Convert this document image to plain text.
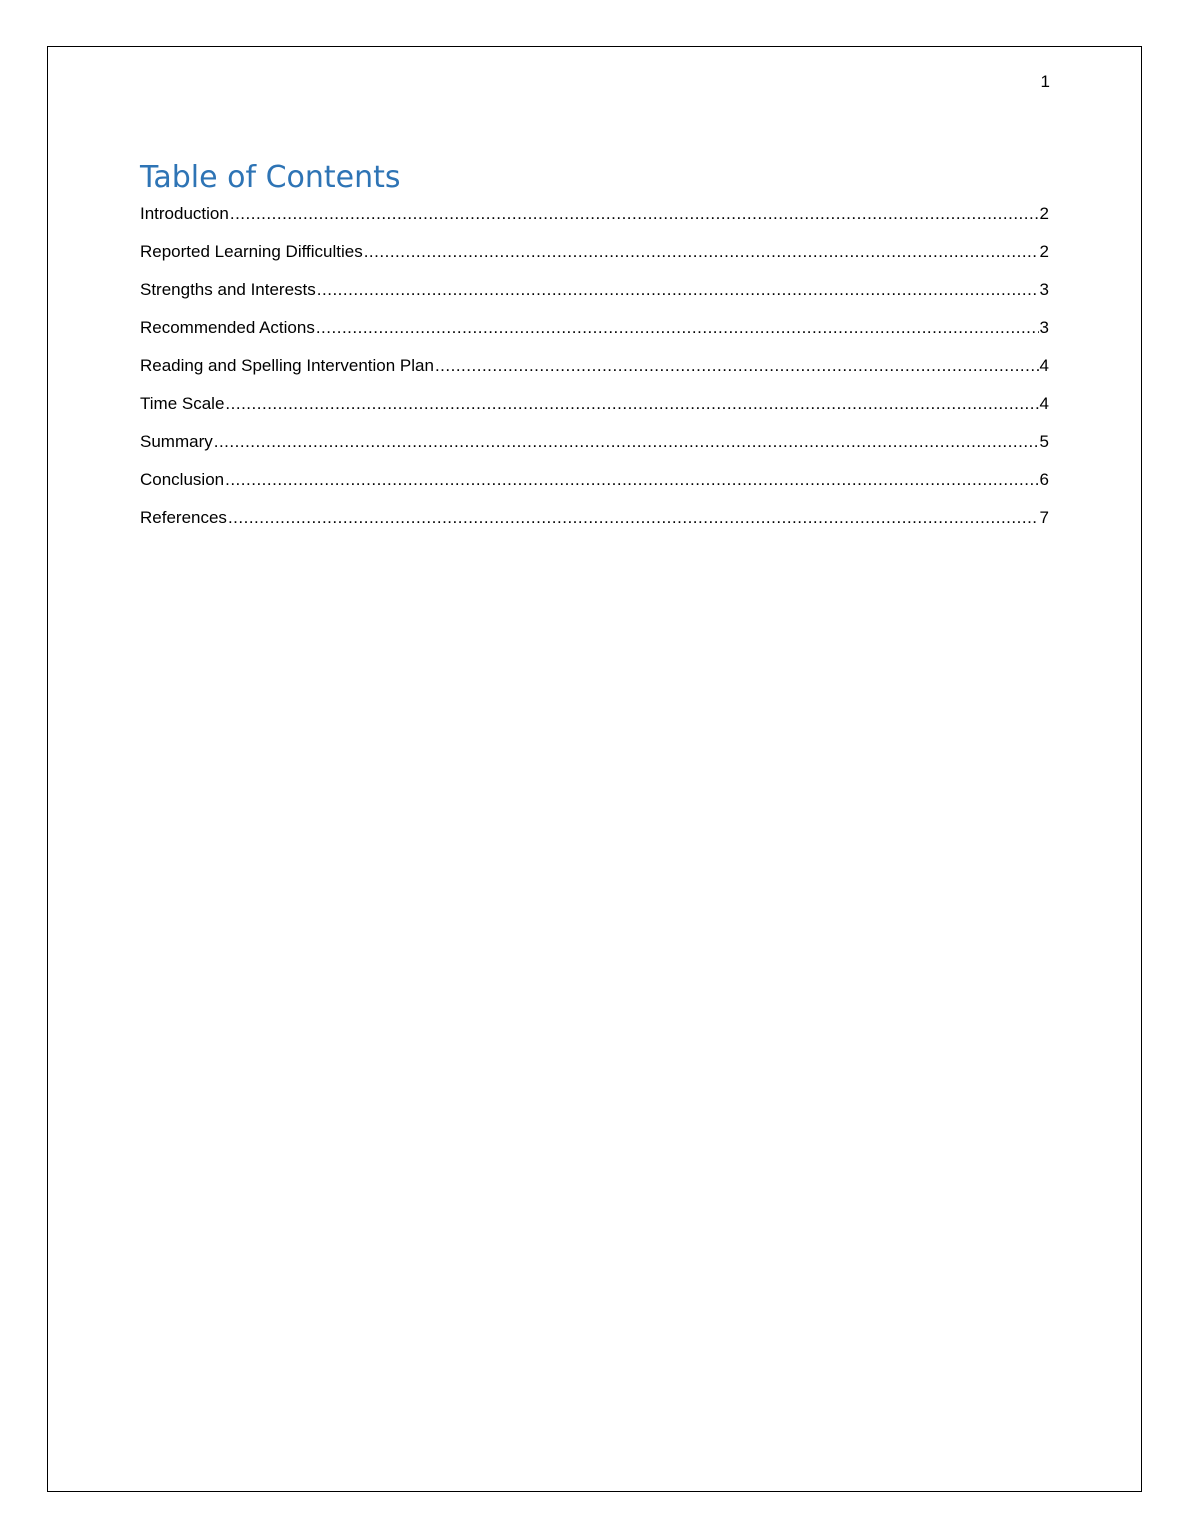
1
Table of Contents
Introduction .....	2
Reported Learning Difficulties .....	2
Strengths and Interests .....	3
Recommended Actions .....	3
Reading and Spelling Intervention Plan .....	4
Time Scale .....	4
Summary .....	5
Conclusion .....	6
References .....	7
